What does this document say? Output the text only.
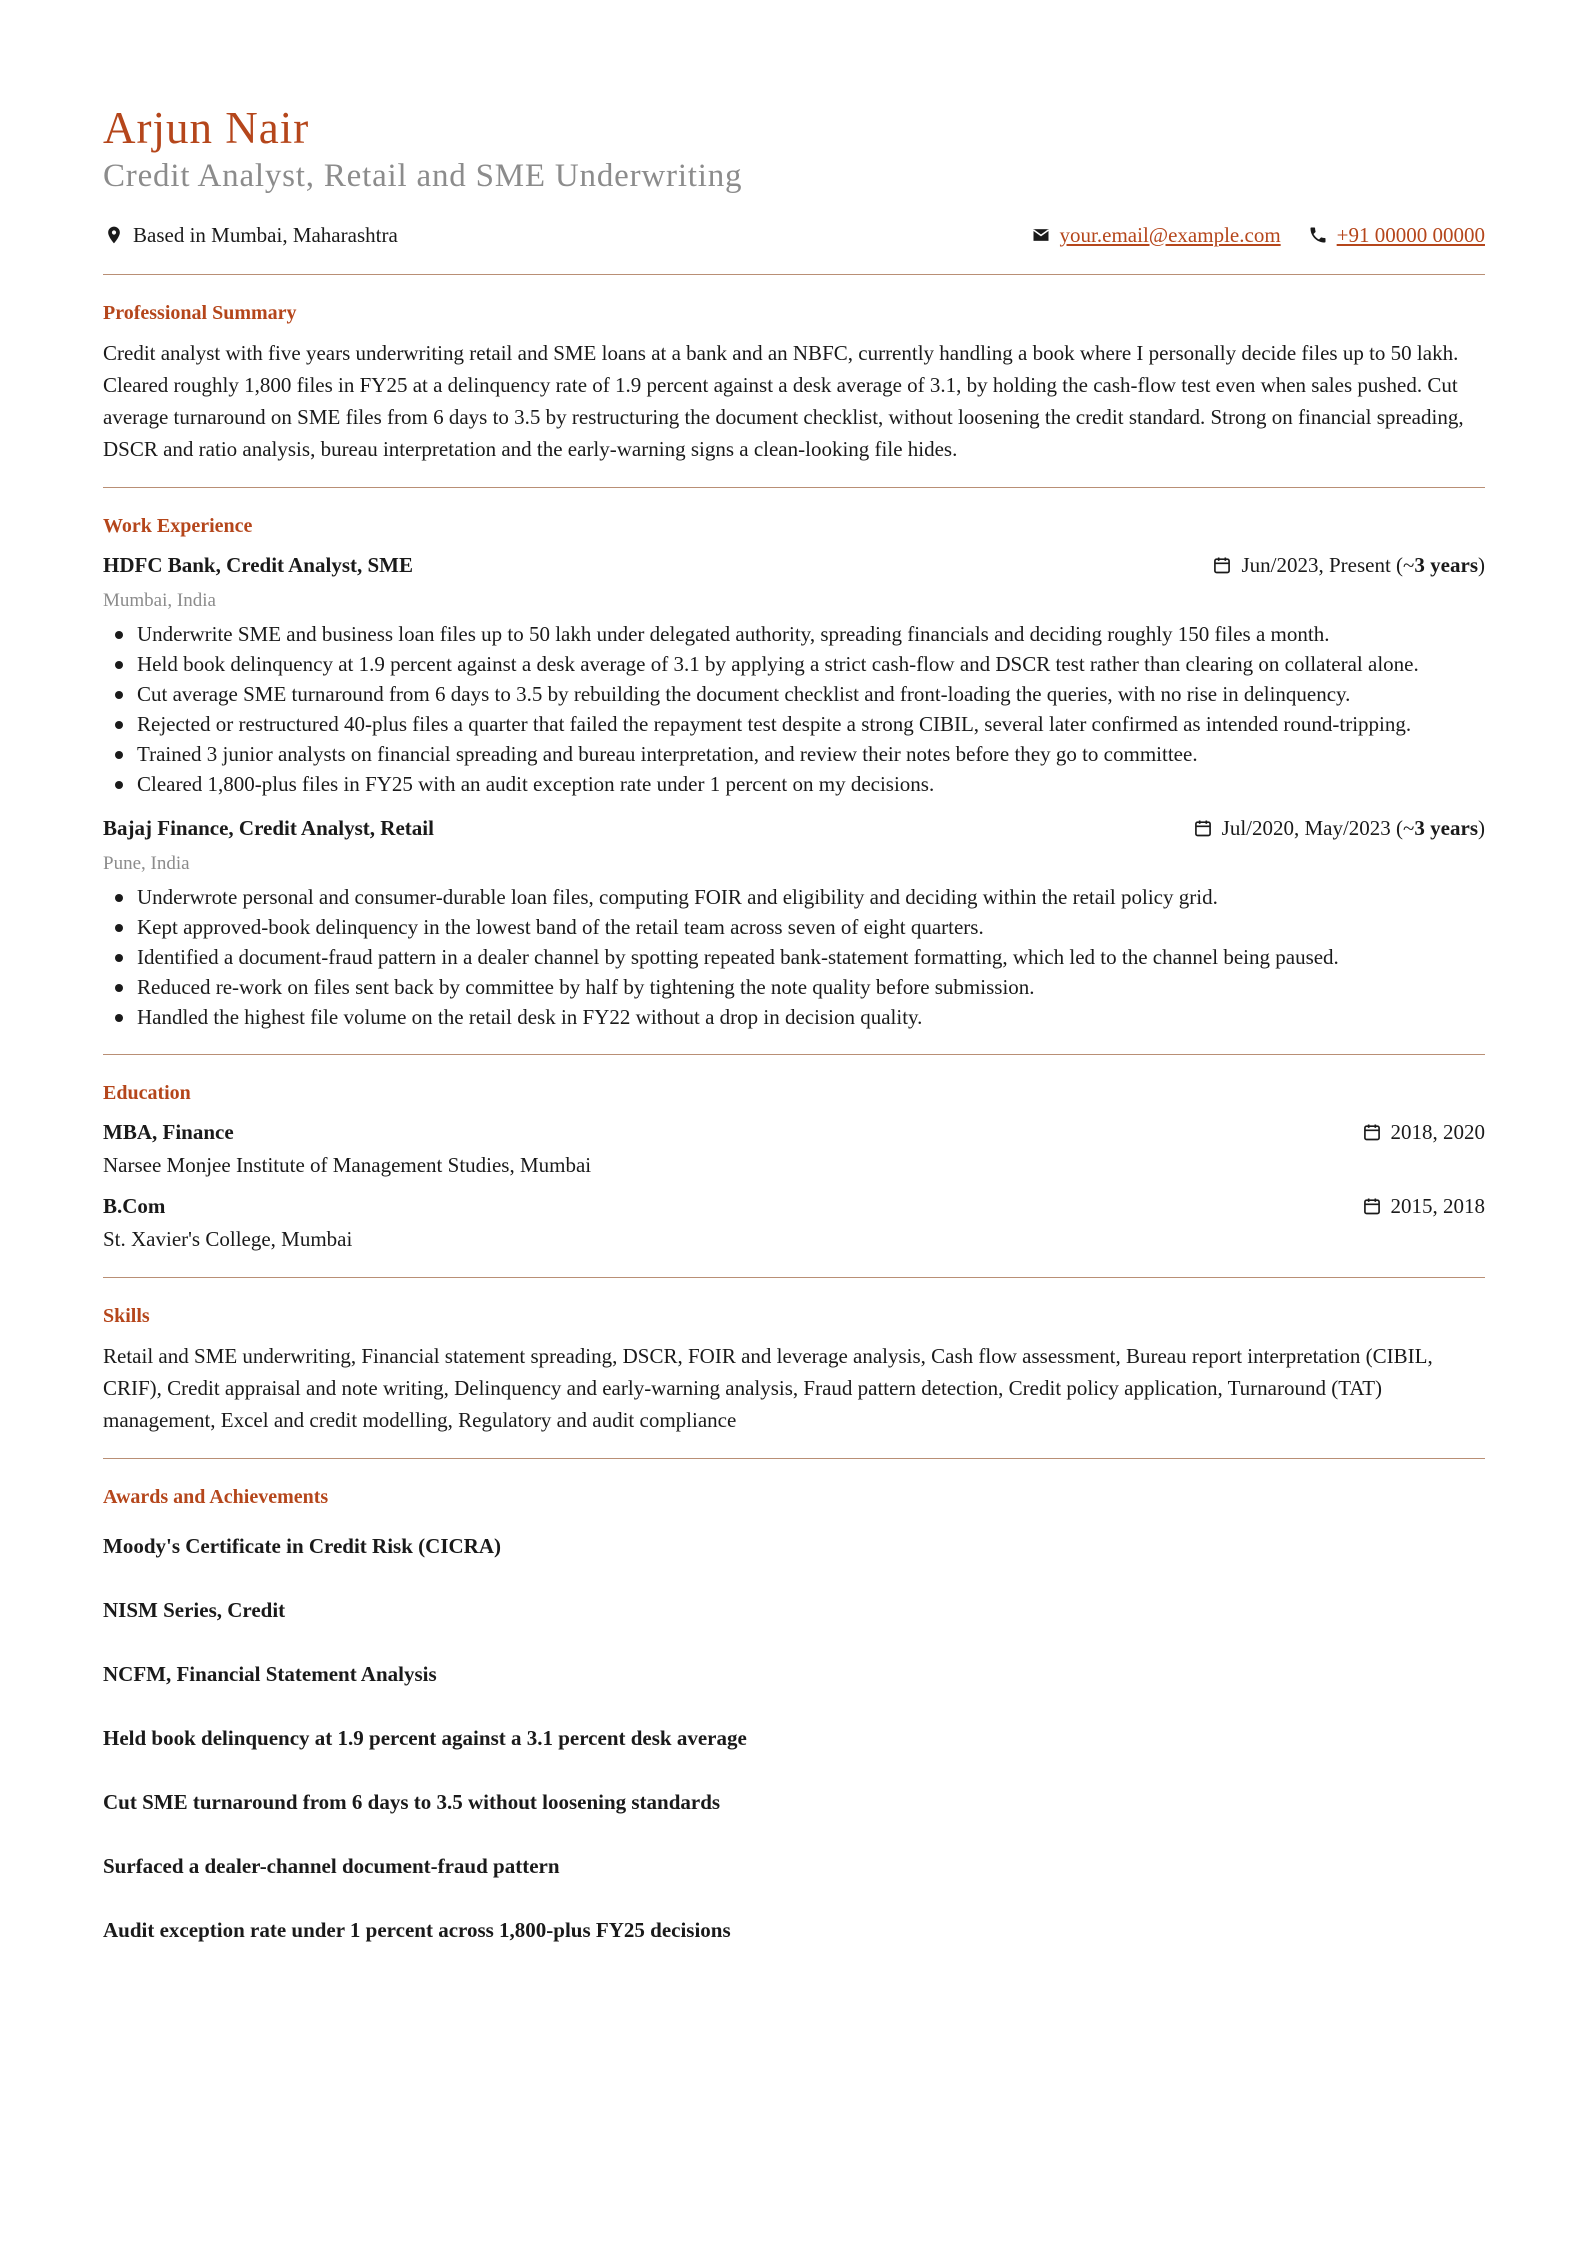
Arjun Nair
Credit Analyst, Retail and SME Underwriting
Based in Mumbai, Maharashtra	your.email@example.com	+91 00000 00000
Professional Summary

Credit analyst with five years underwriting retail and SME loans at a bank and an NBFC, currently handling a book where I personally decide files up to 50 lakh. Cleared roughly 1,800 files in FY25 at a delinquency rate of 1.9 percent against a desk average of 3.1, by holding the cash-flow test even when sales pushed. Cut average turnaround on SME files from 6 days to 3.5 by restructuring the document checklist, without loosening the credit standard. Strong on financial spreading, DSCR and ratio analysis, bureau interpretation and the early-warning signs a clean-looking file hides.

Work Experience
HDFC Bank, Credit Analyst, SME	Jun/2023, Present (~ 3 years )
Mumbai, India
Underwrite SME and business loan files up to 50 lakh under delegated authority, spreading financials and deciding roughly 150 files a month.
Held book delinquency at 1.9 percent against a desk average of 3.1 by applying a strict cash-flow and DSCR test rather than clearing on collateral alone.
Cut average SME turnaround from 6 days to 3.5 by rebuilding the document checklist and front-loading the queries, with no rise in delinquency.
Rejected or restructured 40-plus files a quarter that failed the repayment test despite a strong CIBIL, several later confirmed as intended round-tripping.
Trained 3 junior analysts on financial spreading and bureau interpretation, and review their notes before they go to committee.
Cleared 1,800-plus files in FY25 with an audit exception rate under 1 percent on my decisions.
Bajaj Finance, Credit Analyst, Retail	Jul/2020, May/2023 (~ 3 years )
Pune, India
Underwrote personal and consumer-durable loan files, computing FOIR and eligibility and deciding within the retail policy grid.
Kept approved-book delinquency in the lowest band of the retail team across seven of eight quarters.
Identified a document-fraud pattern in a dealer channel by spotting repeated bank-statement formatting, which led to the channel being paused.
Reduced re-work on files sent back by committee by half by tightening the note quality before submission.
Handled the highest file volume on the retail desk in FY22 without a drop in decision quality.
Education
MBA, Finance	2018, 2020
Narsee Monjee Institute of Management Studies, Mumbai
B.Com	2015, 2018
St. Xavier's College, Mumbai
Skills

Retail and SME underwriting, Financial statement spreading, DSCR, FOIR and leverage analysis, Cash flow assessment, Bureau report interpretation (CIBIL, CRIF), Credit appraisal and note writing, Delinquency and early-warning analysis, Fraud pattern detection, Credit policy application, Turnaround (TAT) management, Excel and credit modelling, Regulatory and audit compliance

Awards and Achievements
Moody's Certificate in Credit Risk (CICRA)
NISM Series, Credit
NCFM, Financial Statement Analysis
Held book delinquency at 1.9 percent against a 3.1 percent desk average
Cut SME turnaround from 6 days to 3.5 without loosening standards
Surfaced a dealer-channel document-fraud pattern
Audit exception rate under 1 percent across 1,800-plus FY25 decisions
